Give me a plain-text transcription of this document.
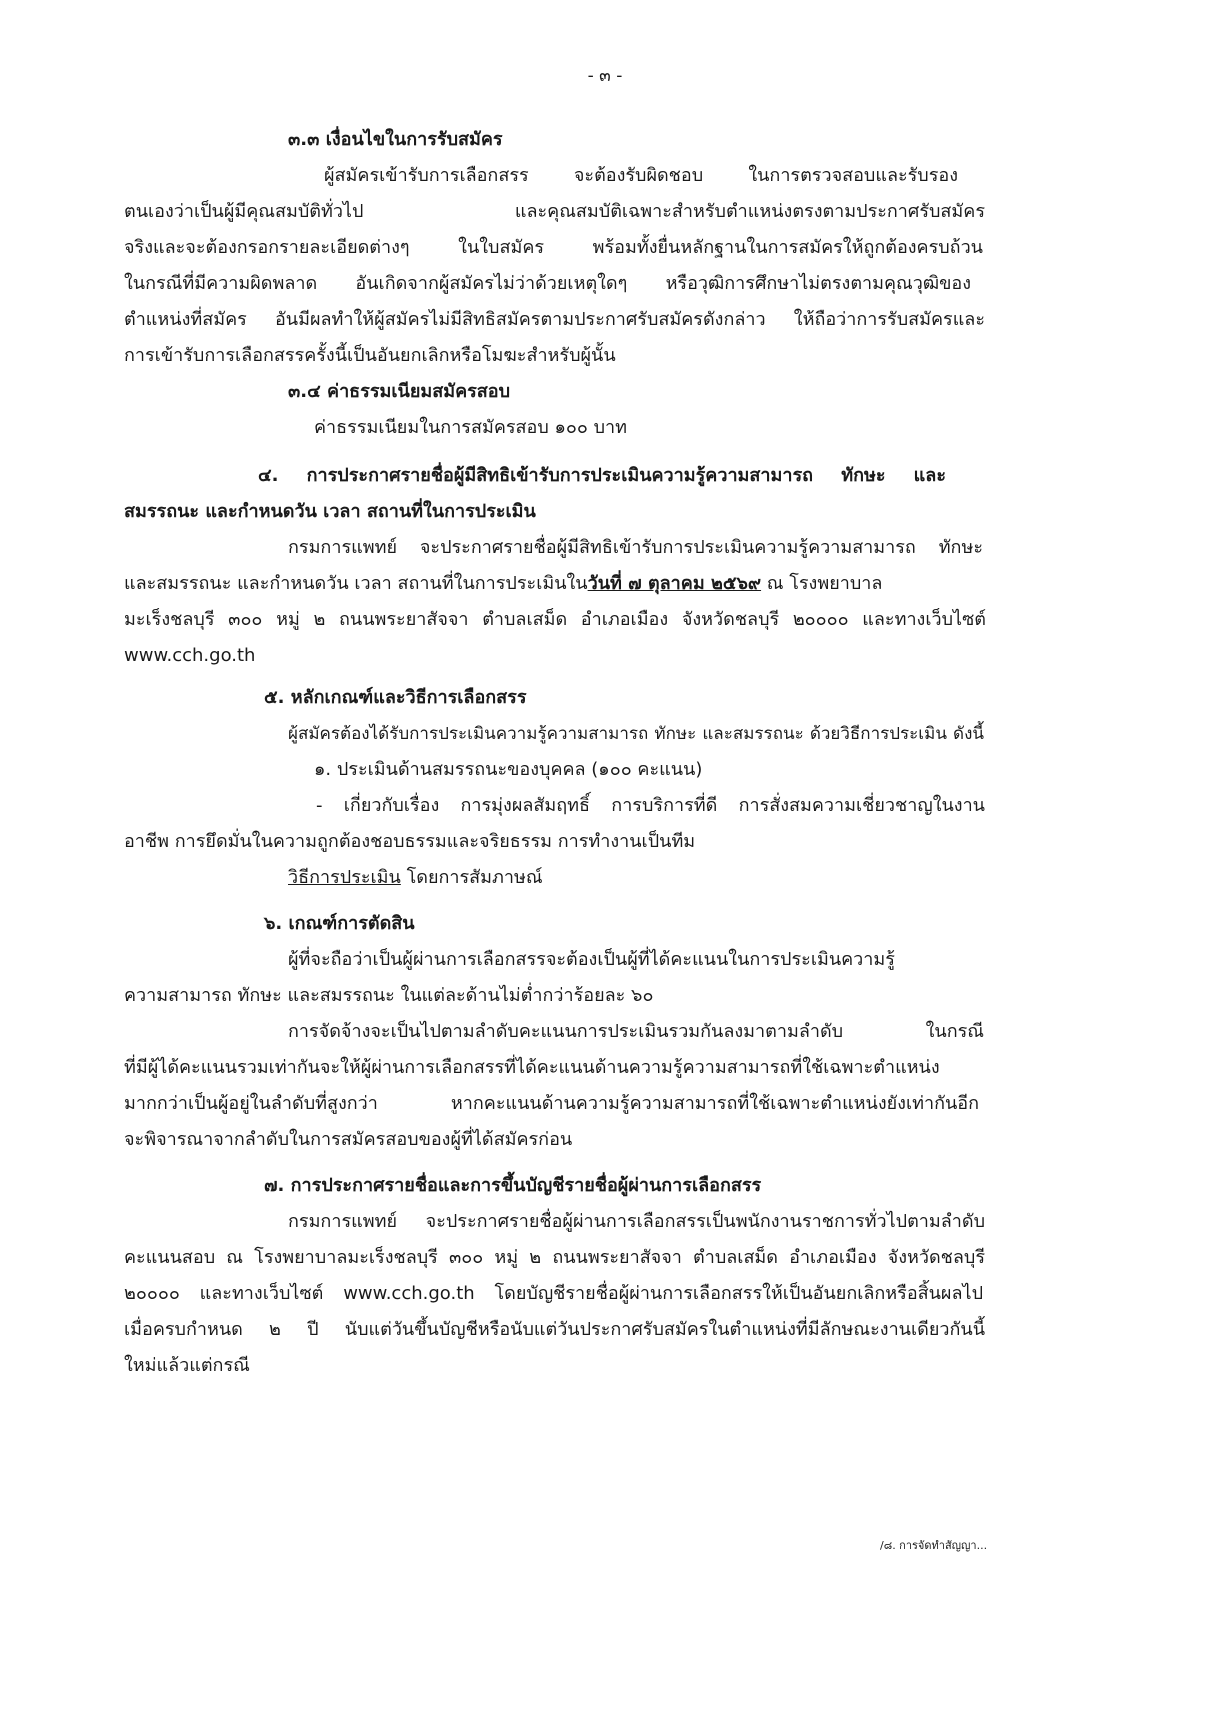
- ๓ -
๓.๓ เงื่อนไขในการรับสมัคร
ผู้สมัครเข้ารับการเลือกสรร จะต้องรับผิดชอบ ในการตรวจสอบและรับรอง
ตนเองว่าเป็นผู้มีคุณสมบัติทั่วไป และคุณสมบัติเฉพาะสำหรับตำแหน่งตรงตามประกาศรับสมัคร
จริงและจะต้องกรอกรายละเอียดต่างๆ ในใบสมัคร พร้อมทั้งยื่นหลักฐานในการสมัครให้ถูกต้องครบถ้วน
ในกรณีที่มีความผิดพลาด อันเกิดจากผู้สมัครไม่ว่าด้วยเหตุใดๆ หรือวุฒิการศึกษาไม่ตรงตามคุณวุฒิของ
ตำแหน่งที่สมัคร อันมีผลทำให้ผู้สมัครไม่มีสิทธิสมัครตามประกาศรับสมัครดังกล่าว ให้ถือว่าการรับสมัครและ
การเข้ารับการเลือกสรรครั้งนี้เป็นอันยกเลิกหรือโมฆะสำหรับผู้นั้น
๓.๔ ค่าธรรมเนียมสมัครสอบ
ค่าธรรมเนียมในการสมัครสอบ ๑๐๐ บาท
๔. การประกาศรายชื่อผู้มีสิทธิเข้ารับการประเมินความรู้ความสามารถ ทักษะ และ
สมรรถนะ และกำหนดวัน เวลา สถานที่ในการประเมิน
กรมการแพทย์ จะประกาศรายชื่อผู้มีสิทธิเข้ารับการประเมินความรู้ความสามารถ ทักษะ
และสมรรถนะ และกำหนดวัน เวลา สถานที่ในการประเมินในวันที่ ๗ ตุลาคม ๒๕๖๙ ณ โรงพยาบาล
มะเร็งชลบุรี ๓๐๐ หมู่ ๒ ถนนพระยาสัจจา ตำบลเสม็ด อำเภอเมือง จังหวัดชลบุรี ๒๐๐๐๐ และทางเว็บไซต์
www.cch.go.th
๕. หลักเกณฑ์และวิธีการเลือกสรร
ผู้สมัครต้องได้รับการประเมินความรู้ความสามารถ ทักษะ และสมรรถนะ ด้วยวิธีการประเมิน ดังนี้
๑. ประเมินด้านสมรรถนะของบุคคล (๑๐๐ คะแนน)
- เกี่ยวกับเรื่อง การมุ่งผลสัมฤทธิ์ การบริการที่ดี การสั่งสมความเชี่ยวชาญในงาน
อาชีพ การยึดมั่นในความถูกต้องชอบธรรมและจริยธรรม การทำงานเป็นทีม
วิธีการประเมิน โดยการสัมภาษณ์
๖. เกณฑ์การตัดสิน
ผู้ที่จะถือว่าเป็นผู้ผ่านการเลือกสรรจะต้องเป็นผู้ที่ได้คะแนนในการประเมินความรู้
ความสามารถ ทักษะ และสมรรถนะ ในแต่ละด้านไม่ต่ำกว่าร้อยละ ๖๐
การจัดจ้างจะเป็นไปตามลำดับคะแนนการประเมินรวมกันลงมาตามลำดับ ในกรณี
ที่มีผู้ได้คะแนนรวมเท่ากันจะให้ผู้ผ่านการเลือกสรรที่ได้คะแนนด้านความรู้ความสามารถที่ใช้เฉพาะตำแหน่ง
มากกว่าเป็นผู้อยู่ในลำดับที่สูงกว่า หากคะแนนด้านความรู้ความสามารถที่ใช้เฉพาะตำแหน่งยังเท่ากันอีก
จะพิจารณาจากลำดับในการสมัครสอบของผู้ที่ได้สมัครก่อน
๗. การประกาศรายชื่อและการขึ้นบัญชีรายชื่อผู้ผ่านการเลือกสรร
กรมการแพทย์ จะประกาศรายชื่อผู้ผ่านการเลือกสรรเป็นพนักงานราชการทั่วไปตามลำดับ
คะแนนสอบ ณ โรงพยาบาลมะเร็งชลบุรี ๓๐๐ หมู่ ๒ ถนนพระยาสัจจา ตำบลเสม็ด อำเภอเมือง จังหวัดชลบุรี
๒๐๐๐๐ และทางเว็บไซต์ www.cch.go.th โดยบัญชีรายชื่อผู้ผ่านการเลือกสรรให้เป็นอันยกเลิกหรือสิ้นผลไป
เมื่อครบกำหนด ๒ ปี นับแต่วันขึ้นบัญชีหรือนับแต่วันประกาศรับสมัครในตำแหน่งที่มีลักษณะงานเดียวกันนี้
ใหม่แล้วแต่กรณี
/๘. การจัดทำสัญญา...
